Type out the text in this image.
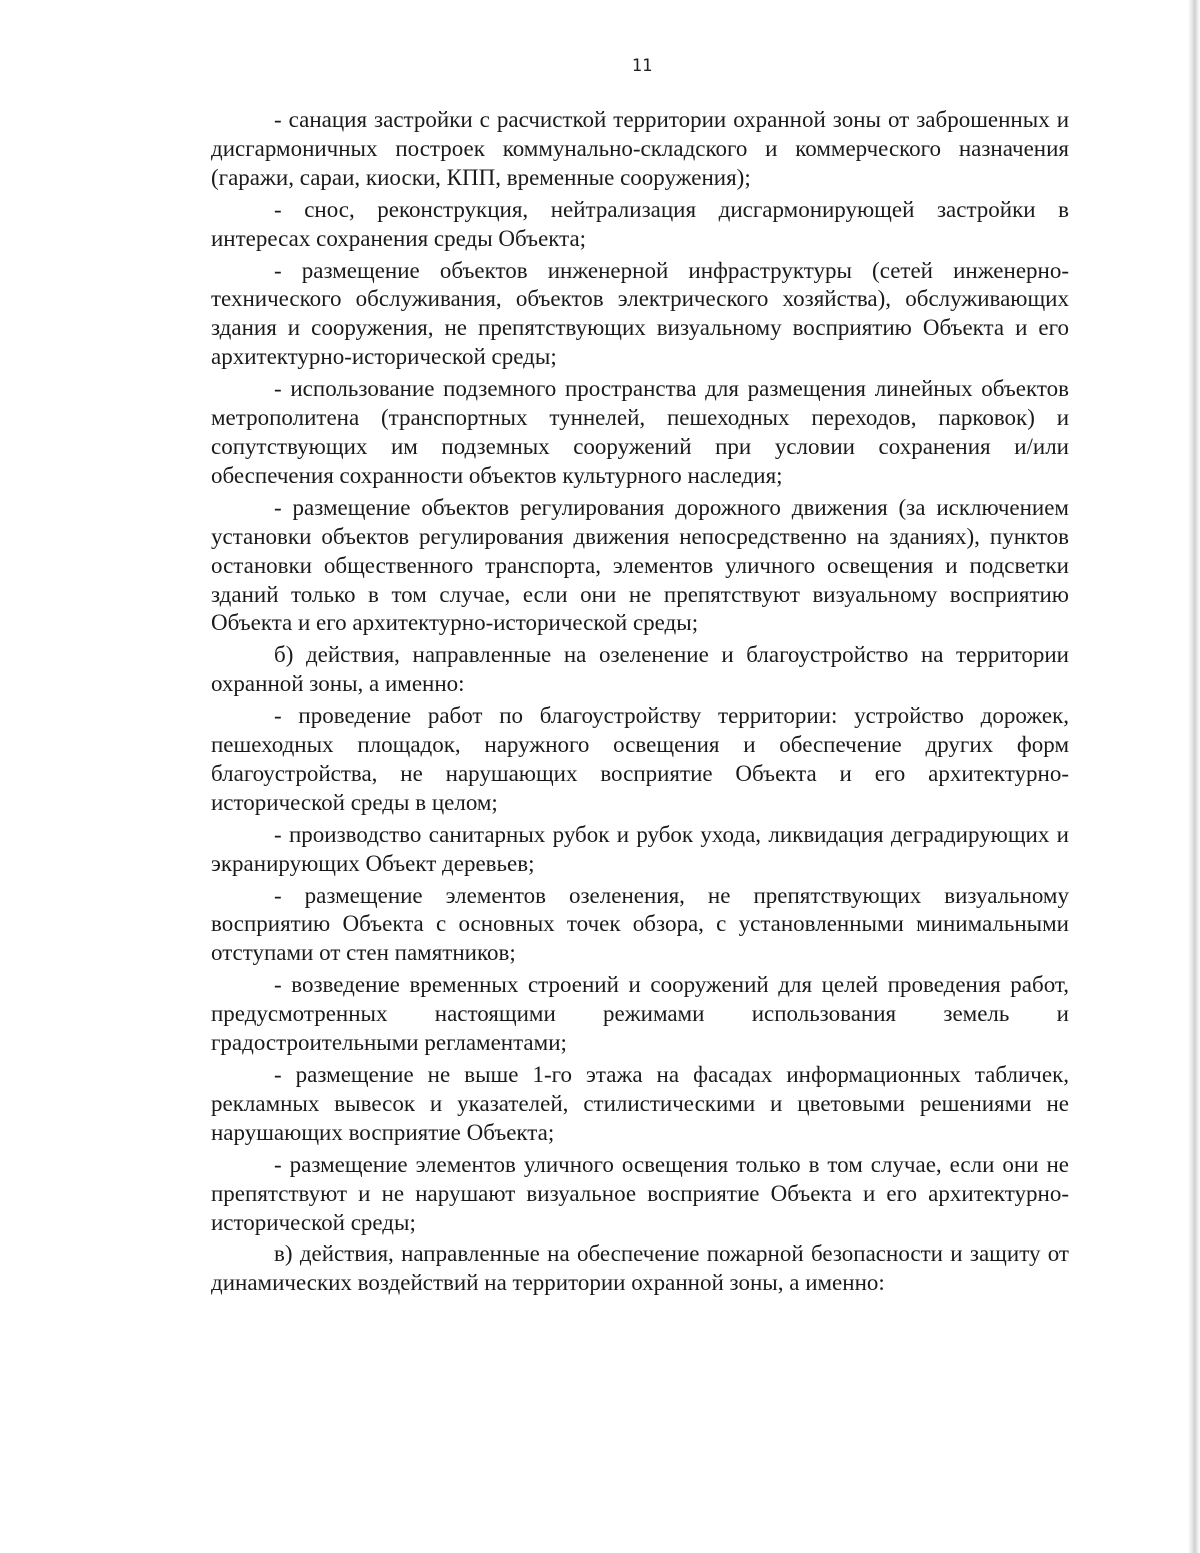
11

- санация застройки с расчисткой территории охранной зоны от заброшенных и дисгармоничных построек коммунально-складского и коммерческого назначения (гаражи, сараи, киоски, КПП, временные сооружения);

- снос, реконструкция, нейтрализация дисгармонирующей застройки в интересах сохранения среды Объекта;

- размещение объектов инженерной инфраструктуры (сетей инженерно- технического обслуживания, объектов электрического хозяйства), обслуживающих здания и сооружения, не препятствующих визуальному восприятию Объекта и его архитектурно-исторической среды;

- использование подземного пространства для размещения линейных объектов метрополитена (транспортных туннелей, пешеходных переходов, парковок) и сопутствующих им подземных сооружений при условии сохранения и/или обеспечения сохранности объектов культурного наследия;

- размещение объектов регулирования дорожного движения (за исключением установки объектов регулирования движения непосредственно на зданиях), пунктов остановки общественного транспорта, элементов уличного освещения и подсветки зданий только в том случае, если они не препятствуют визуальному восприятию Объекта и его архитектурно-исторической среды;

б) действия, направленные на озеленение и благоустройство на территории охранной зоны, а именно:

- проведение работ по благоустройству территории: устройство дорожек, пешеходных площадок, наружного освещения и обеспечение других форм благоустройства, не нарушающих восприятие Объекта и его архитектурно-исторической среды в целом;

- производство санитарных рубок и рубок ухода, ликвидация деградирующих и экранирующих Объект деревьев;

- размещение элементов озеленения, не препятствующих визуальному восприятию Объекта с основных точек обзора, с установленными минимальными отступами от стен памятников;

- возведение временных строений и сооружений для целей проведения работ, предусмотренных настоящими режимами использования земель и градостроительными регламентами;

- размещение не выше 1-го этажа на фасадах информационных табличек, рекламных вывесок и указателей, стилистическими и цветовыми решениями не нарушающих восприятие Объекта;

- размещение элементов уличного освещения только в том случае, если они не препятствуют и не нарушают визуальное восприятие Объекта и его архитектурно-исторической среды;

в) действия, направленные на обеспечение пожарной безопасности и защиту от динамических воздействий на территории охранной зоны, а именно:
